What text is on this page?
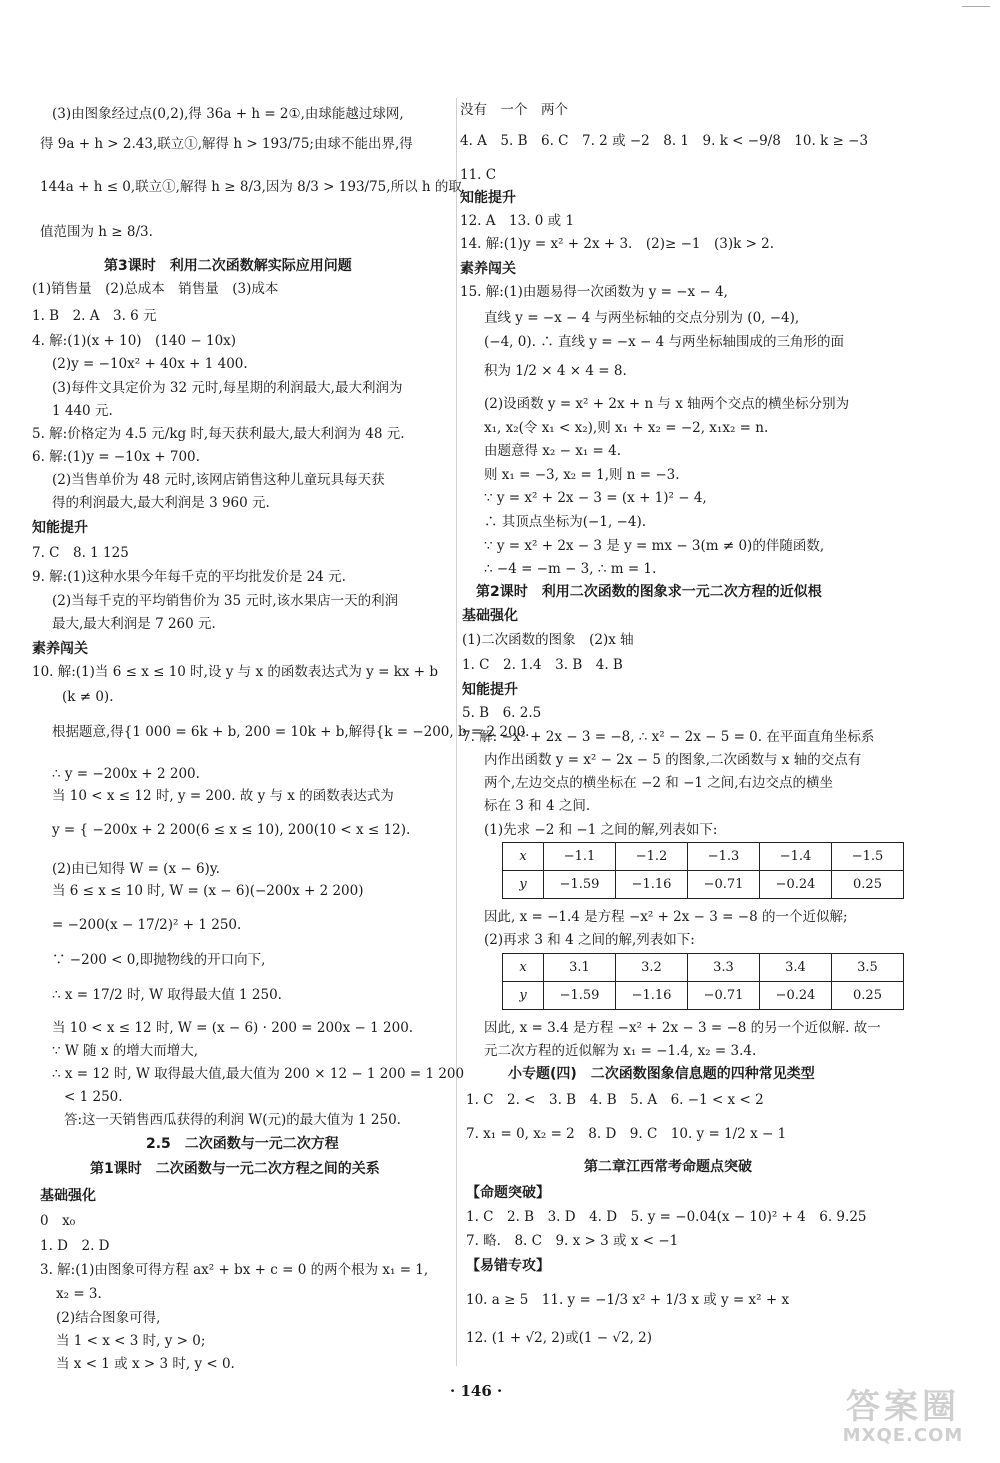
(3)由图象经过点(0,2),得 36a + h = 2①,由球能越过球网,
得 9a + h > 2.43,联立①,解得 h > 193/75;由球不能出界,得
144a + h ≤ 0,联立①,解得 h ≥ 8/3,因为 8/3 > 193/75,所以 h 的取
值范围为 h ≥ 8/3.
第3课时　利用二次函数解实际应用问题
(1)销售量　(2)总成本　销售量　(3)成本
1. B　2. A　3. 6 元
4. 解:(1)(x + 10)　(140 − 10x)
(2)y = −10x² + 40x + 1 400.
(3)每件文具定价为 32 元时,每星期的利润最大,最大利润为
1 440 元.
5. 解:价格定为 4.5 元/kg 时,每天获利最大,最大利润为 48 元.
6. 解:(1)y = −10x + 700.
(2)当售单价为 48 元时,该网店销售这种儿童玩具每天获
得的利润最大,最大利润是 3 960 元.
知能提升
7. C　8. 1 125
9. 解:(1)这种水果今年每千克的平均批发价是 24 元.
(2)当每千克的平均销售价为 35 元时,该水果店一天的利润
最大,最大利润是 7 260 元.
素养闯关
10. 解:(1)当 6 ≤ x ≤ 10 时,设 y 与 x 的函数表达式为 y = kx + b
(k ≠ 0).
根据题意,得{1 000 = 6k + b, 200 = 10k + b,解得{k = −200, b = 2 200.
∴ y = −200x + 2 200.
当 10 < x ≤ 12 时, y = 200. 故 y 与 x 的函数表达式为
y = { −200x + 2 200(6 ≤ x ≤ 10), 200(10 < x ≤ 12).
(2)由已知得 W = (x − 6)y.
当 6 ≤ x ≤ 10 时, W = (x − 6)(−200x + 2 200)
= −200(x − 17/2)² + 1 250.
∵ −200 < 0,即抛物线的开口向下,
∴ x = 17/2 时, W 取得最大值 1 250.
当 10 < x ≤ 12 时, W = (x − 6) · 200 = 200x − 1 200.
∵ W 随 x 的增大而增大,
∴ x = 12 时, W 取得最大值,最大值为 200 × 12 − 1 200 = 1 200
< 1 250.
答:这一天销售西瓜获得的利润 W(元)的最大值为 1 250.
2.5　二次函数与一元二次方程
第1课时　二次函数与一元二次方程之间的关系
基础强化
0　x₀
1. D　2. D
3. 解:(1)由图象可得方程 ax² + bx + c = 0 的两个根为 x₁ = 1,
x₂ = 3.
(2)结合图象可得,
当 1 < x < 3 时, y > 0;
当 x < 1 或 x > 3 时, y < 0.
没有　一个　两个
4. A　5. B　6. C　7. 2 或 −2　8. 1　9. k < −9/8　10. k ≥ −3
11. C
知能提升
12. A　13. 0 或 1
14. 解:(1)y = x² + 2x + 3.　(2)≥ −1　(3)k > 2.
素养闯关
15. 解:(1)由题易得一次函数为 y = −x − 4,
直线 y = −x − 4 与两坐标轴的交点分别为 (0, −4),
(−4, 0). ∴ 直线 y = −x − 4 与两坐标轴围成的三角形的面
积为 1/2 × 4 × 4 = 8.
(2)设函数 y = x² + 2x + n 与 x 轴两个交点的横坐标分别为
x₁, x₂(令 x₁ < x₂),则 x₁ + x₂ = −2, x₁x₂ = n.
由题意得 x₂ − x₁ = 4.
则 x₁ = −3, x₂ = 1,则 n = −3.
∵ y = x² + 2x − 3 = (x + 1)² − 4,
∴ 其顶点坐标为(−1, −4).
∵ y = x² + 2x − 3 是 y = mx − 3(m ≠ 0)的伴随函数,
∴ −4 = −m − 3, ∴ m = 1.
第2课时　利用二次函数的图象求一元二次方程的近似根
基础强化
(1)二次函数的图象　(2)x 轴
1. C　2. 1.4　3. B　4. B
知能提升
5. B　6. 2.5
7. 解: −x² + 2x − 3 = −8, ∴ x² − 2x − 5 = 0. 在平面直角坐标系
内作出函数 y = x² − 2x − 5 的图象,二次函数与 x 轴的交点有
两个,左边交点的横坐标在 −2 和 −1 之间,右边交点的横坐
标在 3 和 4 之间.
(1)先求 −2 和 −1 之间的解,列表如下:
x	−1.1	−1.2	−1.3	−1.4	−1.5
y	−1.59	−1.16	−0.71	−0.24	0.25
因此, x = −1.4 是方程 −x² + 2x − 3 = −8 的一个近似解;
(2)再求 3 和 4 之间的解,列表如下:
x	3.1	3.2	3.3	3.4	3.5
y	−1.59	−1.16	−0.71	−0.24	0.25
因此, x = 3.4 是方程 −x² + 2x − 3 = −8 的另一个近似解. 故一
元二次方程的近似解为 x₁ = −1.4, x₂ = 3.4.
小专题(四)　二次函数图象信息题的四种常见类型
1. C　2. <　3. B　4. B　5. A　6. −1 < x < 2
7. x₁ = 0, x₂ = 2　8. D　9. C　10. y = 1/2 x − 1
第二章江西常考命题点突破
【命题突破】
1. C　2. B　3. D　4. D　5. y = −0.04(x − 10)² + 4　6. 9.25
7. 略.　8. C　9. x > 3 或 x < −1
【易错专攻】
10. a ≥ 5　11. y = −1/3 x² + 1/3 x 或 y = x² + x
12. (1 + √2, 2)或(1 − √2, 2)
· 146 ·	答案圈
MXQE.COM
